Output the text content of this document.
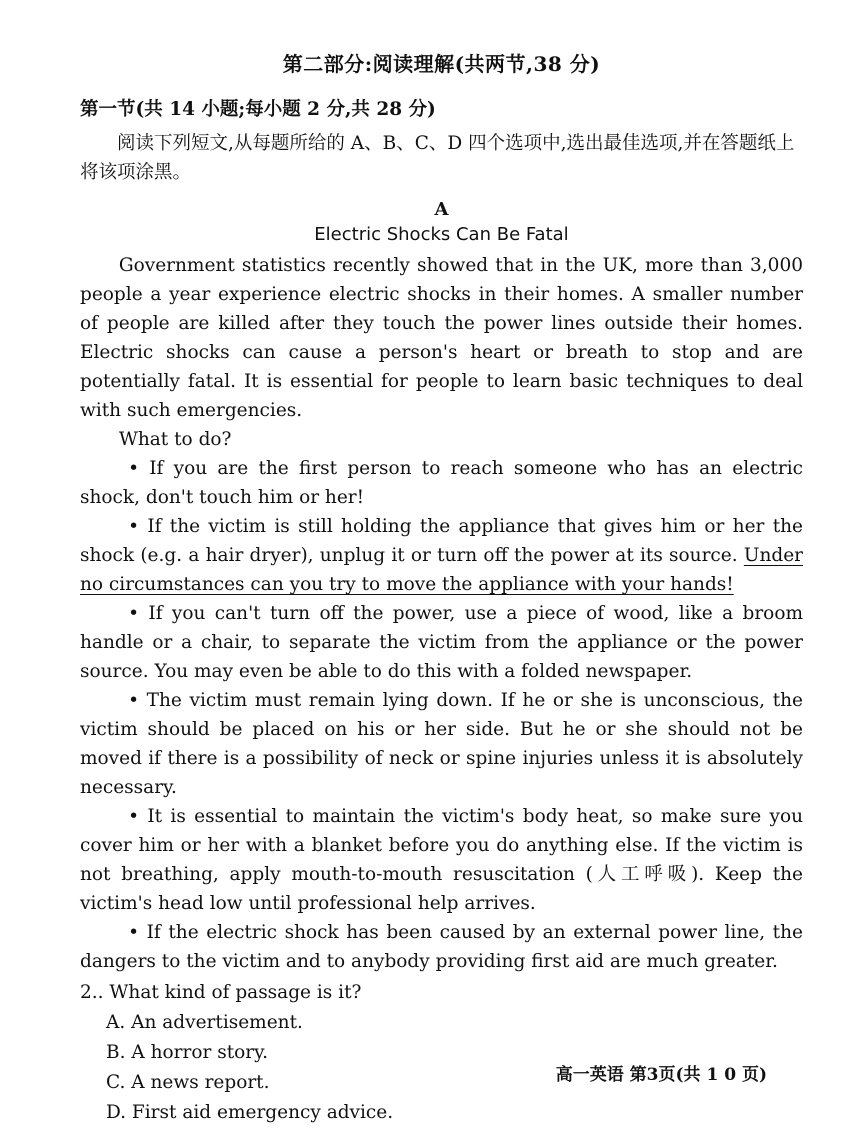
第二部分:阅读理解(共两节,38 分)
第一节(共 14 小题;每小题 2 分,共 28 分)

阅读下列短文,从每题所给的 A、B、C、D 四个选项中,选出最佳选项,并在答题纸上将该项涂黑。

A
Electric Shocks Can Be Fatal

Government statistics recently showed that in the UK, more than 3,000 people a year experience electric shocks in their homes. A smaller number of people are killed after they touch the power lines outside their homes. Electric shocks can cause a person's heart or breath to stop and are potentially fatal. It is essential for people to learn basic techniques to deal with such emergencies.

What to do?

• If you are the first person to reach someone who has an electric shock, don't touch him or her!

• If the victim is still holding the appliance that gives him or her the shock (e.g. a hair dryer), unplug it or turn off the power at its source. Under no circumstances can you try to move the appliance with your hands!

• If you can't turn off the power, use a piece of wood, like a broom handle or a chair, to separate the victim from the appliance or the power source. You may even be able to do this with a folded newspaper.

• The victim must remain lying down. If he or she is unconscious, the victim should be placed on his or her side. But he or she should not be moved if there is a possibility of neck or spine injuries unless it is absolutely necessary.

• It is essential to maintain the victim's body heat, so make sure you cover him or her with a blanket before you do anything else. If the victim is not breathing, apply mouth-to-mouth resuscitation (人工呼吸). Keep the victim's head low until professional help arrives.

• If the electric shock has been caused by an external power line, the dangers to the victim and to anybody providing first aid are much greater.

2.. What kind of passage is it?
A. An advertisement.
B. A horror story.
C. A news report.
D. First aid emergency advice.
高一英语 第3页(共 1 0 页)
